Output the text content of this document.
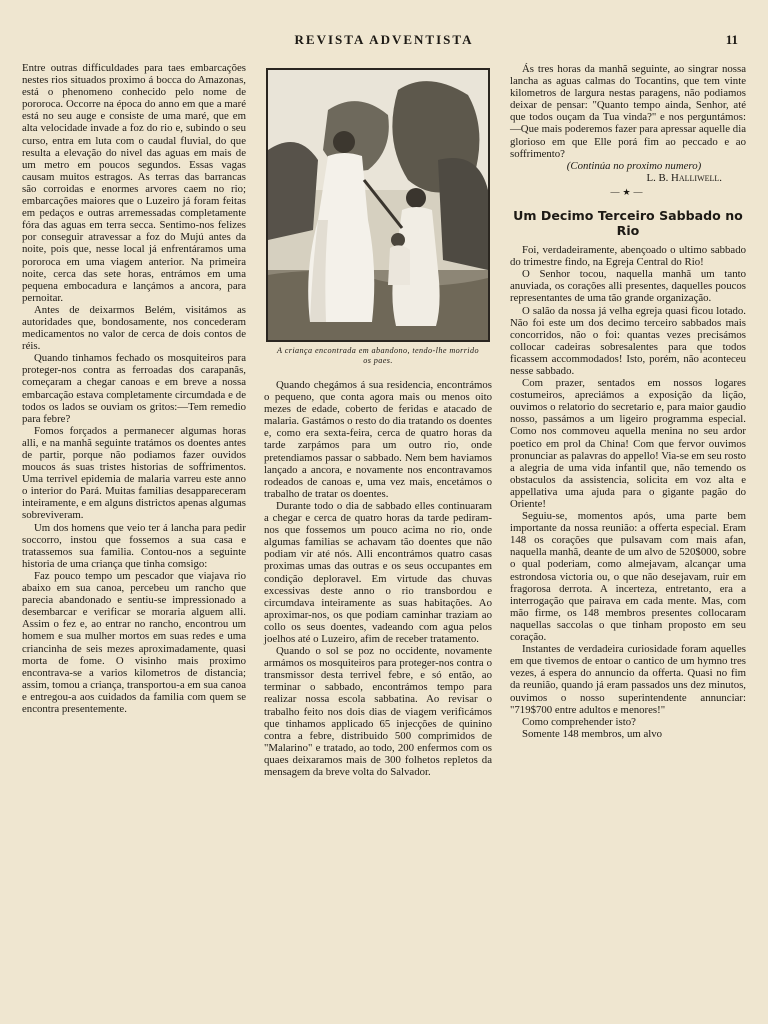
REVISTA ADVENTISTA	11

Entre outras difficuldades para taes embarcações nestes rios situados proximo á bocca do Amazonas, está o phenomeno conhecido pelo nome de pororoca. Occorre na época do anno em que a maré está no seu auge e consiste de uma maré, que em alta velocidade invade a foz do rio e, subindo o seu curso, entra em luta com o caudal fluvial, do que resulta a elevação do nivel das aguas em mais de um metro em poucos segundos. Essas vagas causam muitos estragos. As terras das barrancas são corroidas e enormes arvores caem no rio; embarcações maiores que o Luzeiro já foram feitas em pedaços e outras arremessadas completamente fóra das aguas em terra secca. Sentimo-nos felizes por conseguir atravessar a foz do Mujú antes da noite, pois que, nesse local já enfrentáramos uma pororoca em uma viagem anterior. Na primeira noite, cerca das sete horas, entrámos em uma pequena embocadura e lançámos a ancora, para pernoitar.

Antes de deixarmos Belém, visitámos as autoridades que, bondosamente, nos concederam medicamentos no valor de cerca de dois contos de réis.

Quando tinhamos fechado os mosquiteiros para proteger-nos contra as ferroadas dos carapanãs, começaram a chegar canoas e em breve a nossa embarcação estava completamente circumdada e de todos os lados se ouviam os gritos:—Tem remedio para febre?

Fomos forçados a permanecer algumas horas alli, e na manhã seguinte tratámos os doentes antes de partir, porque não podiamos fazer ouvidos moucos ás suas tristes historias de soffrimentos. Uma terrivel epidemia de malaria varreu este anno o interior do Pará. Muitas familias desappareceram inteiramente, e em alguns districtos apenas algumas sobreviveram.

Um dos homens que veio ter á lancha para pedir soccorro, instou que fossemos a sua casa e tratassemos sua familia. Contou-nos a seguinte historia de uma criança que tinha comsigo:

Faz pouco tempo um pescador que viajava rio abaixo em sua canoa, percebeu um rancho que parecia abandonado e sentiu-se impressionado a desembarcar e verificar se moraria alguem alli. Assim o fez e, ao entrar no rancho, encontrou um homem e sua mulher mortos em suas redes e uma criancinha de seis mezes aproximadamente, quasi morta de fome. O visinho mais proximo encontrava-se a varios kilometros de distancia; assim, tomou a criança, transportou-a em sua canoa e entregou-a aos cuidados da familia com quem se encontra presentemente.

A criança encontrada em abandono, tendo-lhe morrido os paes.

Quando chegámos á sua residencia, encontrámos o pequeno, que conta agora mais ou menos oito mezes de edade, coberto de feridas e atacado de malaria. Gastámos o resto do dia tratando os doentes e, como era sexta-feira, cerca de quatro horas da tarde zarpámos para um outro rio, onde pretendiamos passar o sabbado. Nem bem haviamos lançado a ancora, e novamente nos encontravamos rodeados de canoas e, uma vez mais, encetámos o trabalho de tratar os doentes.

Durante todo o dia de sabbado elles continuaram a chegar e cerca de quatro horas da tarde pediram-nos que fossemos um pouco acima no rio, onde algumas familias se achavam tão doentes que não podiam vir até nós. Alli encontrámos quatro casas proximas umas das outras e os seus occupantes em condição deploravel. Em virtude das chuvas excessivas deste anno o rio transbordou e circumdava inteiramente as suas habitações. Ao aproximar-nos, os que podiam caminhar traziam ao collo os seus doentes, vadeando com agua pelos joelhos até o Luzeiro, afim de receber tratamento.

Quando o sol se poz no occidente, novamente armámos os mosquiteiros para proteger-nos contra o transmissor desta terrivel febre, e só então, ao terminar o sabbado, encontrámos tempo para realizar nossa escola sabbatina. Ao revisar o trabalho feito nos dois dias de viagem verificámos que tinhamos applicado 65 injecções de quinino contra a febre, distribuido 500 comprimidos de "Malarino" e tratado, ao todo, 200 enfermos com os quaes deixaramos mais de 300 folhetos repletos da mensagem da breve volta do Salvador.

Ás tres horas da manhã seguinte, ao singrar nossa lancha as aguas calmas do Tocantins, que tem vinte kilometros de largura nestas paragens, não podiamos deixar de pensar: "Quanto tempo ainda, Senhor, até que todos ouçam da Tua vinda?" e nos perguntámos:—Que mais poderemos fazer para apressar aquelle dia glorioso em que Elle porá fim ao peccado e ao soffrimento?

(Continúa no proximo numero)

L. B. Halliwell.

—★—
Um Decimo Terceiro Sabbado no Rio

Foi, verdadeiramente, abençoado o ultimo sabbado do trimestre findo, na Egreja Central do Rio!

O Senhor tocou, naquella manhã um tanto anuviada, os corações alli presentes, daquelles poucos representantes de uma tão grande organização.

O salão da nossa já velha egreja quasi ficou lotado. Não foi este um dos decimo terceiro sabbados mais concorridos, não o foi: quantas vezes precisámos collocar cadeiras sobresalentes para que todos ficassem accommodados! Isto, porém, não aconteceu nesse sabbado.

Com prazer, sentados em nossos logares costumeiros, apreciámos a exposição da lição, ouvimos o relatorio do secretario e, para maior gaudio nosso, passámos a um ligeiro programma especial. Como nos commoveu aquella menina no seu ardor poetico em prol da China! Com que fervor ouvimos pronunciar as palavras do appello! Via-se em seu rosto a alegria de uma vida infantil que, não temendo os obstaculos da assistencia, solicita em voz alta e appellativa uma ajuda para o gigante pagão do Oriente!

Seguiu-se, momentos após, uma parte bem importante da nossa reunião: a offerta especial. Eram 148 os corações que pulsavam com mais afan, naquella manhã, deante de um alvo de 520$000, sobre o qual poderiam, como almejavam, alcançar uma estrondosa victoria ou, o que não desejavam, ruir em fragorosa derrota. A incerteza, entretanto, era a interrogação que pairava em cada mente. Mas, com mão firme, os 148 membros presentes collocaram naquellas saccolas o que tinham proposto em seu coração.

Instantes de verdadeira curiosidade foram aquelles em que tivemos de entoar o cantico de um hymno tres vezes, á espera do annuncio da offerta. Quasi no fim da reunião, quando já eram passados uns dez minutos, ouvimos o nosso superintendente annunciar: "719$700 entre adultos e menores!"

Como comprehender isto?

Somente 148 membros, um alvo
